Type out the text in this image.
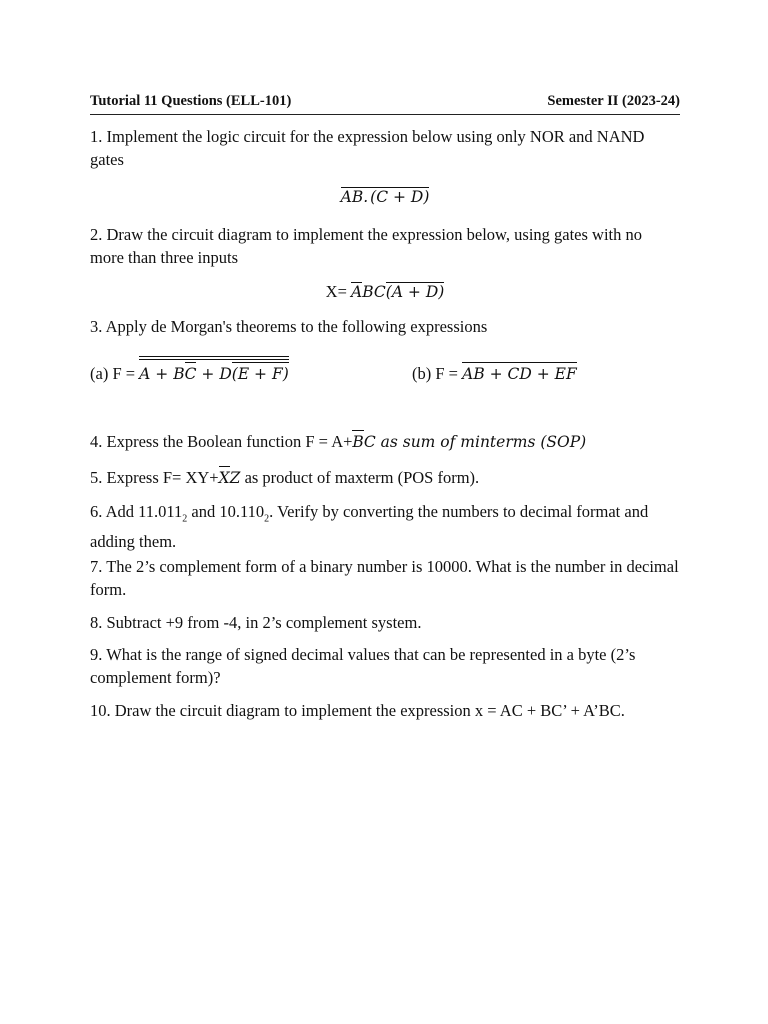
Tutorial 11 Questions (ELL-101)	Semester II (2023-24)
1. Implement the logic circuit for the expression below using only NOR and NAND gates
AB. (C + D)
2. Draw the circuit diagram to implement the expression below, using gates with no more than three inputs
X= ABC(A + D)
3. Apply de Morgan's theorems to the following expressions
(a) F = A + BC + D(E + F)	(b) F = AB + CD + EF
4. Express the Boolean function F = A+BC as sum of minterms (SOP)
5. Express F= XY+XZ as product of maxterm (POS form).
6. Add $11.011_2$ and $10.110_2$. Verify by converting the numbers to decimal format and adding them.
7. The 2’s complement form of a binary number is 10000. What is the number in decimal form.
8. Subtract +9 from -4, in 2’s complement system.
9. What is the range of signed decimal values that can be represented in a byte (2’s complement form)?
10. Draw the circuit diagram to implement the expression x = AC + BC’ + A’BC.
